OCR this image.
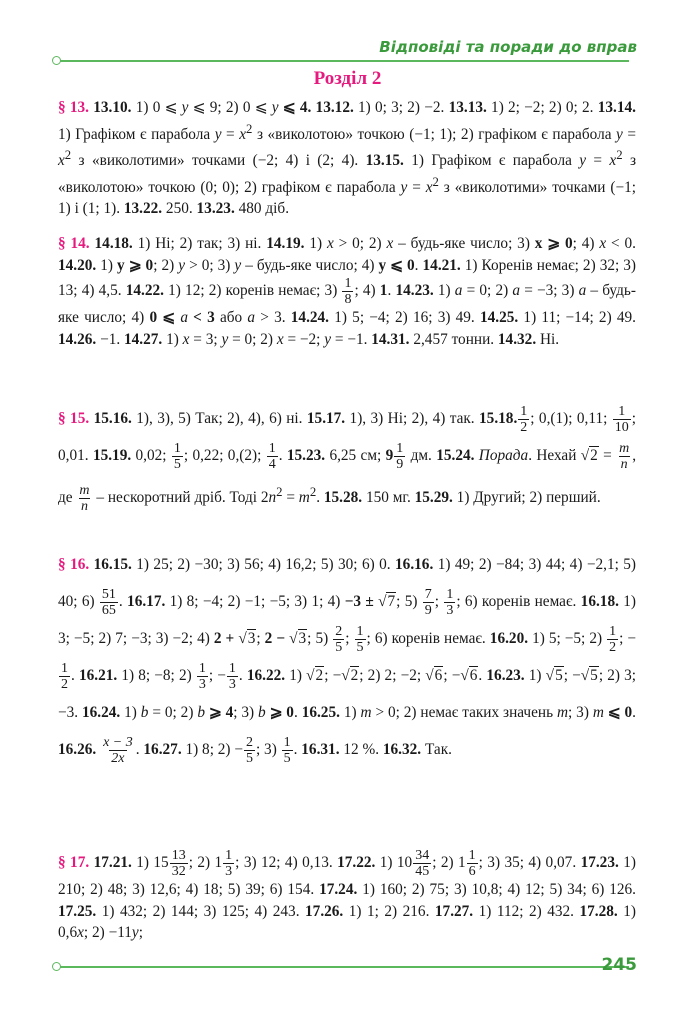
Відповіді та поради до вправ
Розділ 2
§ 13. 13.10. 1) 0 ⩽ y ⩽ 9; 2) 0 ⩽ y ⩽ 4. 13.12. 1) 0; 3; 2) −2. 13.13. 1) 2; −2; 2) 0; 2. 13.14. 1) Графіком є парабола $y = x^2$ з «виколотою» точкою (−1; 1); 2) графіком є парабола $y = x^2$ з «виколотими» точками (−2; 4) і (2; 4). 13.15. 1) Графіком є парабола $y = x^2$ з «виколотою» точкою (0; 0); 2) графіком є парабола $y = x^2$ з «виколотими» точками (−1; 1) і (1; 1). 13.22. 250. 13.23. 480 діб.
§ 14. 14.18. 1) Ні; 2) так; 3) ні. 14.19. 1) x > 0; 2) x – будь-яке число; 3) x ⩾ 0; 4) x < 0. 14.20. 1) y ⩾ 0; 2) y > 0; 3) y – будь-яке число; 4) y ⩽ 0. 14.21. 1) Коренів немає; 2) 32; 3) 13; 4) 4,5. 14.22. 1) 12; 2) коренів немає; $3) \frac{1}{8}$ ; 4) 1. 14.23. 1) a = 0; 2) a = −3; 3) a – будь-яке число; 4) 0 ⩽ a < 3 або a > 3. 14.24. 1) 5; −4; 2) 16; 3) 49. 14.25. 1) 11; −14; 2) 49. 14.26. −1. 14.27. 1) x = 3; y = 0; 2) x = −2; y = −1. 14.31. 2,457 тонни. 14.32. Ні.
§ 15. 15.16. 1), 3), 5) Так; 2), 4), 6) ні. 15.17. 1), 3) Ні; 2), 4) так. 15.18. $\frac{1}{2}$ ; 0,(1); 0,11; $\frac{1}{10}$ ; 0,01. 15.19. 0,02; $\frac{1}{5}$ ; 0,22; 0,(2); $\frac{1}{4}$ . 15.23. 6,25 см; $9 \frac{1}{9}$ дм. 15.24. Порада. Нехай $√2 = \frac{m}{n}$ , де $\frac{m}{n}$ – нескоротний дріб. Тоді $2n^2 = m^2$. 15.28. 150 мг. 15.29. 1) Другий; 2) перший.
§ 16. 16.15. 1) 25; 2) −30; 3) 56; 4) 16,2; 5) 30; 6) 0. 16.16. 1) 49; 2) −84; 3) 44; 4) −2,1; 5) 40; $6) \frac{51}{65}$ . 16.17. 1) 8; −4; 2) −1; −5; 3) 1; 4) −3 ± √7; $5) \frac{7}{9}$ ; $\frac{1}{3}$ ; 6) коренів немає. 16.18. 1) 3; −5; 2) 7; −3; 3) −2; 4) 2 + √3; 2 − √3; $5) \frac{2}{5}$ ; $\frac{1}{5}$ ; 6) коренів немає. 16.20. 1) 5; −5; $2) \frac{1}{2}$ ; −
$\frac{1}{2}$ . 16.21. 1) 8; −8; $2) \frac{1}{3}$ ; − $\frac{1}{3}$ . 16.22. 1) √2; −√2; 2) 2; −2; √6; −√6. 16.23. 1) √5; −√5; 2) 3; −3. 16.24. 1) b = 0; 2) b ⩾ 4; 3) b ⩾ 0. 16.25. 1) m > 0; 2) немає таких значень m; 3) m ⩽ 0. 16.26. $\frac{x - 3}{2x}$ . 16.27. 1) 8; $2) - \frac{2}{5}$ ; $3) \frac{1}{5}$ . 16.31. 12 %. 16.32. Так.
§ 17. 17.21. 1) $15 \frac{13}{32}$ ; 2) $1 \frac{1}{3}$ ; 3) 12; 4) 0,13. 17.22. 1) $10 \frac{34}{45}$ ; 2) $1 \frac{1}{6}$ ; 3) 35; 4) 0,07. 17.23. 1) 210; 2) 48; 3) 12,6; 4) 18; 5) 39; 6) 154. 17.24. 1) 160; 2) 75; 3) 10,8; 4) 12; 5) 34; 6) 126. 17.25. 1) 432; 2) 144; 3) 125; 4) 243. 17.26. 1) 1; 2) 216. 17.27. 1) 112; 2) 432. 17.28. 1) 0,6x; 2) −11y;
245
